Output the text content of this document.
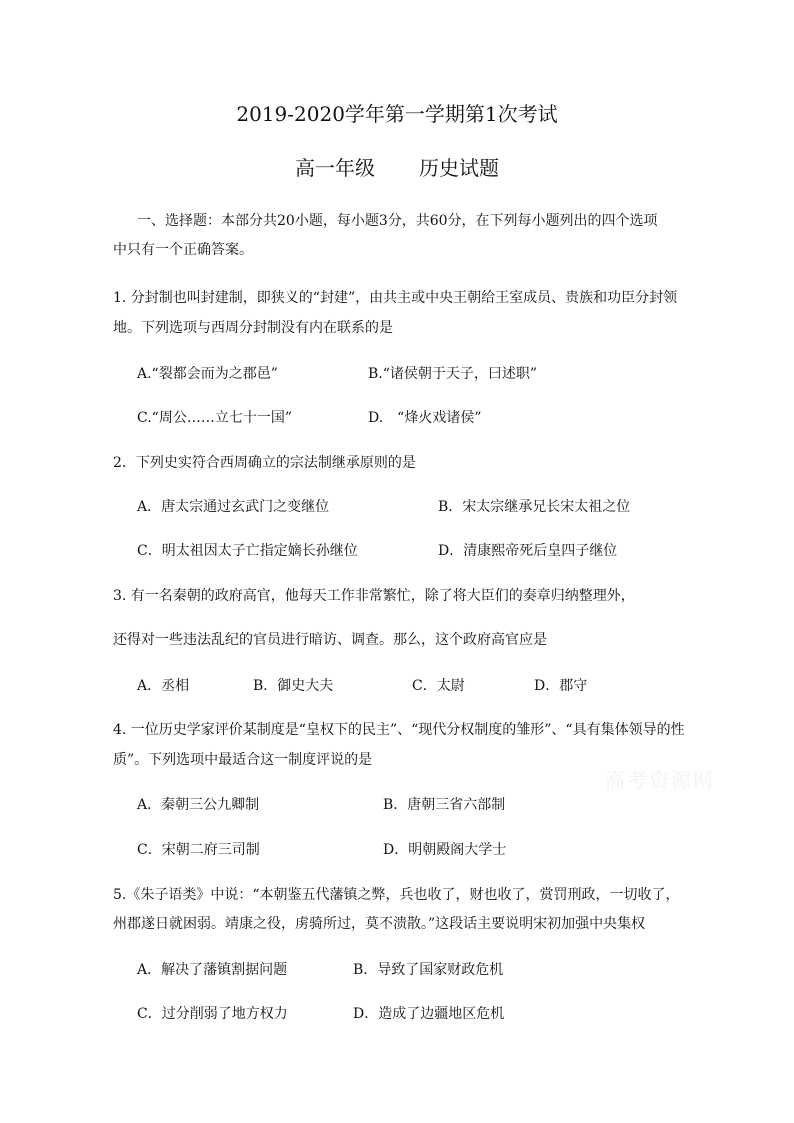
2019-2020学年第一学期第1次考试
高一年级 历史试题
一、选择题：本部分共20小题，每小题3分，共60分，在下列每小题列出的四个选项
中只有一个正确答案。
1. 分封制也叫封建制，即狭义的“封建”，由共主或中央王朝给王室成员、贵族和功臣分封领
地。下列选项与西周分封制没有内在联系的是
A.“裂都会而为之郡邑”	B.“诸侯朝于天子，曰述职”
C.“周公……立七十一国”	D.　“烽火戏诸侯”
2．下列史实符合西周确立的宗法制继承原则的是
A．唐太宗通过玄武门之变继位	B．宋太宗继承兄长宋太祖之位
C．明太祖因太子亡指定嫡长孙继位	D．清康熙帝死后皇四子继位
3. 有一名秦朝的政府高官，他每天工作非常繁忙，除了将大臣们的奏章归纳整理外，
还得对一些违法乱纪的官员进行暗访、调查。那么，这个政府高官应是
A．丞相	B．御史大夫	C．太尉	D．郡守
4. 一位历史学家评价某制度是“皇权下的民主”、“现代分权制度的雏形”、“具有集体领导的性
质”。下列选项中最适合这一制度评说的是
A．秦朝三公九卿制	B．唐朝三省六部制
C．宋朝二府三司制	D．明朝殿阁大学士
5.《朱子语类》中说：“本朝鉴五代藩镇之弊，兵也收了，财也收了，赏罚刑政，一切收了，
州郡遂日就困弱。靖康之役，虏骑所过，莫不溃散。”这段话主要说明宋初加强中央集权
A．解决了藩镇割据问题	B．导致了国家财政危机
C．过分削弱了地方权力	D．造成了边疆地区危机
高考资源网
